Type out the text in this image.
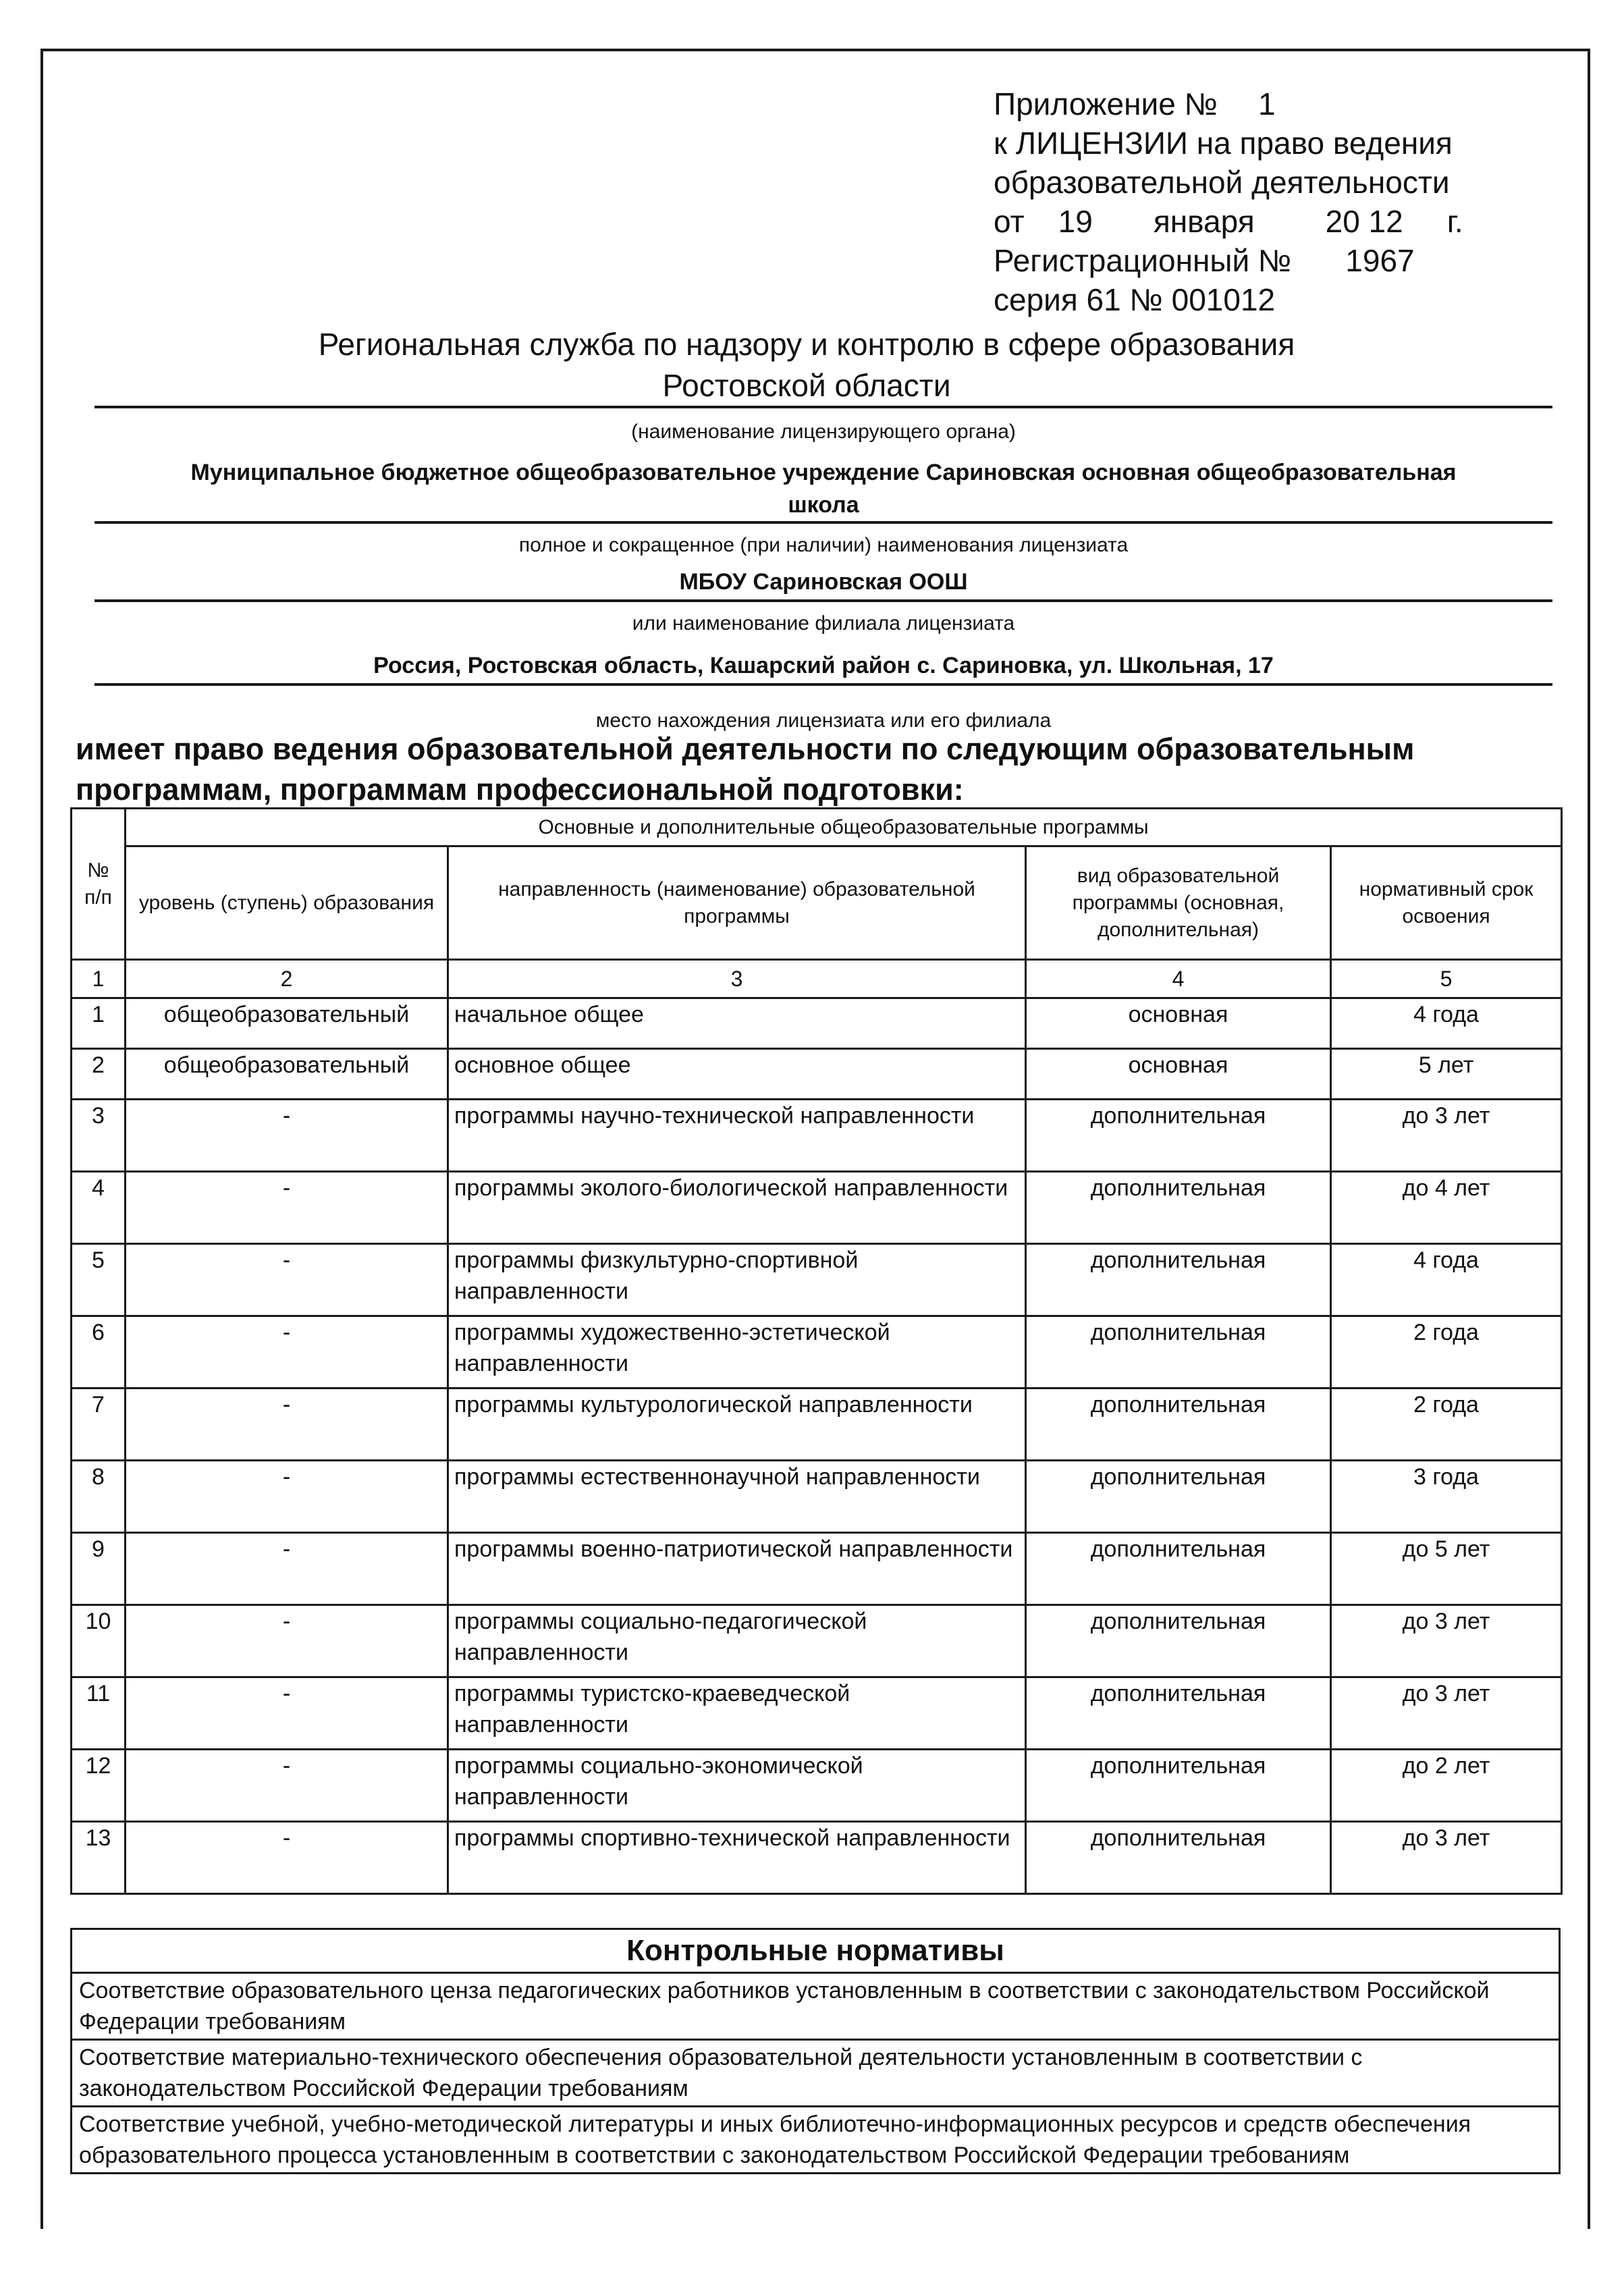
Приложение № 1
к ЛИЦЕНЗИИ на право ведения
образовательной деятельности
от 19 января 20 12 г.
Регистрационный № 1967
серия 61 № 001012
Региональная служба по надзору и контролю в сфере образования
Ростовской области
(наименование лицензирующего органа)
Муниципальное бюджетное общеобразовательное учреждение Сариновская основная общеобразовательная
школа
полное и сокращенное (при наличии) наименования лицензиата
МБОУ Сариновская ООШ
или наименование филиала лицензиата
Россия, Ростовская область, Кашарский район с. Сариновка, ул. Школьная, 17
место нахождения лицензиата или его филиала
имеет право ведения образовательной деятельности по следующим образовательным
программам, программам профессиональной подготовки:
№ п/п	Основные и дополнительные общеобразовательные программы			
	уровень (ступень) образования	направленность (наименование) образовательной программы	вид образовательной программы (основная, дополнительная)	нормативный срок освоения
1	2	3	4	5
1	общеобразовательный	начальное общее	основная	4 года
2	общеобразовательный	основное общее	основная	5 лет
3	-	программы научно-технической направленности	дополнительная	до 3 лет
4	-	программы эколого-биологической направленности	дополнительная	до 4 лет
5	-	программы физкультурно-спортивной направленности	дополнительная	4 года
6	-	программы художественно-эстетической направленности	дополнительная	2 года
7	-	программы культурологической направленности	дополнительная	2 года
8	-	программы естественнонаучной направленности	дополнительная	3 года
9	-	программы военно-патриотической направленности	дополнительная	до 5 лет
10	-	программы социально-педагогической направленности	дополнительная	до 3 лет
11	-	программы туристско-краеведческой направленности	дополнительная	до 3 лет
12	-	программы социально-экономической направленности	дополнительная	до 2 лет
13	-	программы спортивно-технической направленности	дополнительная	до 3 лет
Контрольные нормативы
Соответствие образовательного ценза педагогических работников установленным в соответствии с законодательством Российской Федерации требованиям
Соответствие материально-технического обеспечения образовательной деятельности установленным в соответствии с законодательством Российской Федерации требованиям
Соответствие учебной, учебно-методической литературы и иных библиотечно-информационных ресурсов и средств обеспечения образовательного процесса установленным в соответствии с законодательством Российской Федерации требованиям
